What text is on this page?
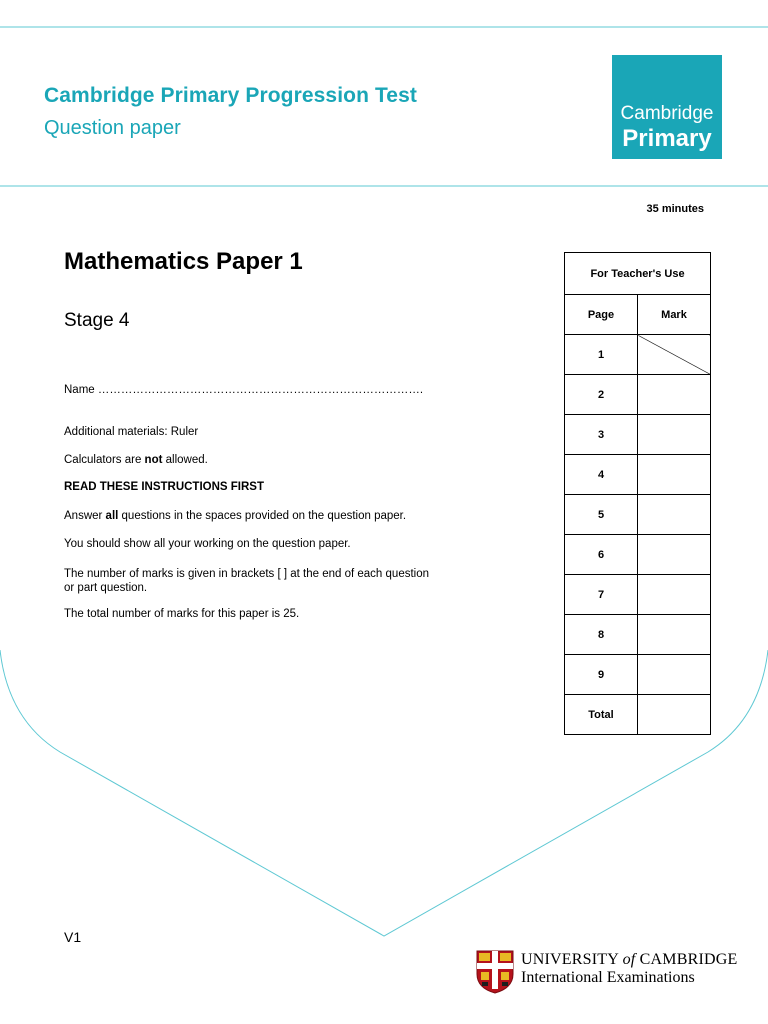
Cambridge Primary Progression Test
Question paper
Cambridge
Primary
35 minutes
Mathematics Paper 1
Stage 4
Name ………………………………………………………………………….
Additional materials: Ruler
Calculators are not allowed.
READ THESE INSTRUCTIONS FIRST
Answer all questions in the spaces provided on the question paper.
You should show all your working on the question paper.
The number of marks is given in brackets [ ] at the end of each question
or part question.
The total number of marks for this paper is 25.
For Teacher's Use	
Page	Mark
1	
2	
3	
4	
5	
6	
7	
8	
9	
Total	
V1
UNIVERSITY of CAMBRIDGE
International Examinations
